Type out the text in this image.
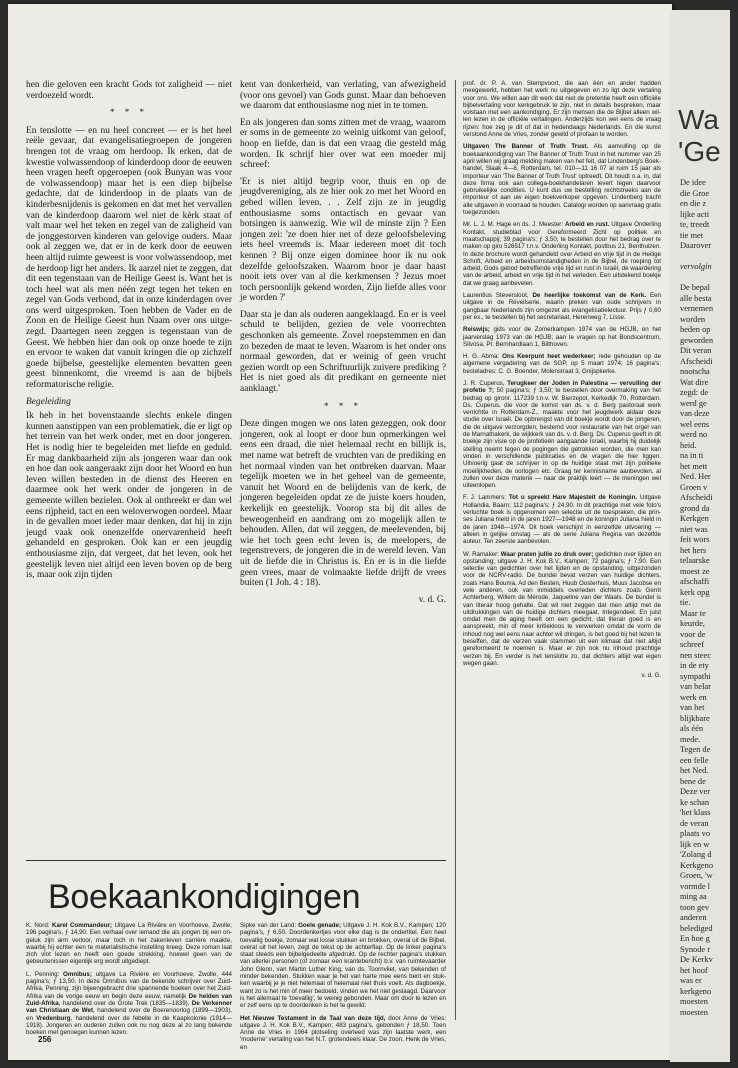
hen die geloven een kracht Gods tot zaligheid — niet verdoezeld wordt.

* * *

En tenslotte — en nu heel concreet — er is het heel reële gevaar, dat evangelisatiegroepen de jongeren brengen tot de vraag om herdoop. Ik erken, dat de kwestie volwassendoop of kinderdoop door de eeuwen heen vragen heeft opgeroepen (ook Bunyan was voor de volwassendoop) maar het is een diep bijbelse gedachte, dat de kinderdoop in de plaats van de kinderbesnijdenis is gekomen en dat met het vervallen van de kinderdoop daarom wel niet de kèrk staat of valt maar wel het teken en zegel van de zaligheid van de jonggestorven kinderen van gelovige ouders. Maar ook al zeggen we, dat er in de kerk door de eeuwen heen altijd ruimte geweest is voor volwassendoop, met de herdoop ligt het anders. Ik aarzel niet te zeggen, dat dit een tegenstaan van de Heilige Geest is. Want het is toch heel wat als men néén zegt tegen het teken en zegel van Gods verbond, dat in onze kinderdagen over ons werd uitgesproken. Toen hebben de Vader en de Zoon en de Heilige Geest hun Naam over ons uitgezegd. Daartegen neen zeggen is tegenstaan van de Geest. We hebben hier dan ook op onze hoede te zijn en ervoor te waken dat vanuit kringen die op zichzelf goede bijbelse, geestelijke elementen bevatten geen geest binnenkomt, die vreemd is aan de bijbels reformatorische religie.

Begeleiding

Ik heb in het bovenstaande slechts enkele dingen kunnen aanstippen van een problematiek, die er ligt op het terrein van het werk onder, met en door jongeren. Het is nodig hier te begeleiden met liefde en geduld. Er mag dankbaarheid zijn als jongeren waar dan ook en hoe dan ook aangeraakt zijn door het Woord en hun leven willen besteden in de dienst des Heeren en daarmee ook het werk onder de jongeren in de gemeente willen bezielen. Ook al onthreekt er dan wel eens rijpheid, tact en een weloverwogen oordeel. Maar in de gevallen moet ieder maar denken, dat hij in zijn jeugd vaak ook onenzelfde onervarenheid heeft gehandeld en gesproken. Ook kan er een jeugdig enthousiasme zijn, dat vergeet, dat het leven, ook het geestelijk leven niet altijd een leven boven op de berg is, maar ook zijn tijden

kent van donkerheid, van verlating, van afwezigheid (voor ons gevoel) van Gods gunst. Maar dan behoeven we daarom dat enthousiasme nog niet in te tomen.

En als jongeren dan soms zitten met de vraag, waarom er soms in de gemeente zo weinig uitkomt van geloof, hoop en liefde, dan is dat een vraag die gesteld mág worden. Ik schrijf hier over wat een moeder mij schreef:

'Er is niet altijd begrip voor, thuis en op de jeugdvereniging, als ze hier ook zo met het Woord en gebed willen leven. . . Zelf zijn ze in jeugdig enthousiasme soms ontactisch en gevaar van botsingen is aanwezig. Wie wil de minste zijn ? Een jongen zei: 'ze doen hier net of deze geloofsbeleving iets heel vreemds is. Maar iedereen moet dit toch kennen ? Bij onze eigen dominee hoor ik nu ook dezelfde geloofszaken. Waarom hoor je daar haast nooit iets over van al die kerkmensen ? Jezus moet toch persoonlijk gekend worden, Zijn liefde alles voor je worden ?'

Daar sta je dan als ouderen aangeklaagd. En er is veel schuld te belijden, gezien de vele voorrechten geschonken als gemeente. Zovel roepstemmen en dan zo bezeden de maat te leven. Waarom is het onder ons normaal geworden, dat er weinig of geen vrucht gezien wordt op een Schriftuurlijk zuivere prediking ? Het is niet goed als dit predikant en gemeente niet aanklaagt.'

* * *

Deze dingen mogen we ons laten gezeggen, ook door jongeren, ook al loopt er door hun opmerkingen wel eens een draad, die niet helemaal recht en billijk is, met name wat betreft de vruchten van de prediking en het normaal vinden van het ontbreken daarvan. Maar tegelijk moeten we in het geheel van de gemeente, vanuit het Woord en de belijdenis van de kerk, de jongeren begeleiden opdat ze de juiste koers houden, kerkelijk en geestelijk. Voorop sta bij dit alles de beweogenheid en aandrang om zo mogelijk allen te behouden. Allen, dat wil zeggen, de meelevenden, bij wie het toch geen echt leven is, de meelopers, de tegenstrevers, de jongeren die in de wereld leven. Van uit de liefde die in Christus is. En er is in die liefde geen vrees, maar de volmaakte liefde drijft de vrees buiten (1 Joh. 4 : 18).

v. d. G.

prof. dr. P. A. van Stempvoort, die aan één en ander hadden meegewerkt, hebben het werk nu uitgegeven en zo ligt deze vertaling voor ons. We willen aan dit werk dat niet de pretentie heeft een officiële bijbelvertaling voor kerkgebruik te zijn, niet in details bespreken, maar volstaan met een aankondiging. Er zijn mensen die de Bijbel alleen willen lezen in de officiële vertalingen. Anderzijds kon wel eens de vraag rijzen: hoe zeg je dit of dat in hedendaags Nederlands. En die kunst verstond Anne de Vries, zonder gewild of profaan te worden.

Uitgaven The Banner of Truth Trust. Als aanvulling op de boekaankondiging van The Banner of Truth Trust in het nummer van 25 april willen wij graag melding maken van het feit, dat Lindenberg's Boekhandel, Slaak 4—8, Rotterdam, tel. 010—11 16 07 al ruim 15 jaar als importeur van 'The Banner of Truth Trust' optreedt. Dit houdt o.a. in, dat deze firma ook aan collega-boekhandelaren levert tegen daarvoor gebruikelijke condities. U kunt dus uw bestelling rechtstreeks aan de importeur of aan uw eigen boekverkoper opgeven. Lindenberg tracht alle uitgaven in voorraad te houden. Catalogi worden op aanvraag gratis toegezonden.

Mr. L. J. M. Hage en ds. J. Meester: Arbeid en rust. Uitgave Onderling Kontakt, studieblad voor Gereformeerd Zicht op politiek en maatschappij; 39 pagina's; ƒ 3,50; te bestellen door het bedrag over te maken op giro 526517 t.n.v. Onderling Kontakt, postbus 21, Benthuizen. In deze brochure wordt gehandeld over Arbeid en vrije tijd in de Heilige Schrift, Arbeid en arbeidsomstandigheden in de Bijbel, de roeping tot arbeid, Gods gebod betreffende vrije tijd en rust in Israël, de waardering van de arbeid, arbeid en vrije tijd in het verleden. Een uitstekend boekje dat we graag aanbevelen.

Laurentius Steversloot, De heerlijke toekomst van de Kerk. Een uitgave in de Réveilserie, waarin preken van oude schrijvers in gangbaar Nederlands zijn omgezet als evangelisatielectuur. Prijs ƒ 0,60 per ex., te bestellen bij het secretariaat, Herenweg 7, Lisse.

Reiswijs; gids voor de Zomerkampen 1974 van de HGJB, en het jaarverslag 1973 van de HGJB; aan te vragen op het Bondscentrum, Silvosa, Pr. Bernhardlaan 1, Bilthoven.

H. G. Abma: Ons Keerpunt heet wederkeer; rede gehouden op de algemene vergadering van de SGP, op 5 maart 1974; 16 pagina's; besteladres: C. G. Boender, Molenstraat 3, Gnijspkerke.

J. R. Cuperus, Terugkeer der Joden in Palestina — vervulling der profetie ?; 50 pagina's; ƒ 3,50; te bestellen door overmaking van het bedrag op gironr. 117239 t.n.v. W. Bierzepol, Kerkedijk 70, Rotterdam. Ds. Cuperus, die voor de komst van ds. v. d. Berg pastoraal werk verrichtte in Rotterdam-Z., maakte voor het jeugdwerk aldaar deze studie over Israël. De opbrengst van dit boekje wordt door de jongeren, die de uitgave verzorgden, bestemd voor restauratie van het orgel van de Marnathakerk, de wijkkerk van ds. v. d. Berg. Ds. Cuperus geeft in dit boekje zijn visie op de profetieën aangaande Israël, waarbij hij duidelijk stelling neemt tegen de pogingen die getrokken worden, die men kan vinden in verschillende publicaties en de vragen die hier liggen. Uitvoerig gaat de schrijver in op de huidige staat met zijn politieke moeilijkheden, de oorlogen etc. Graag ter kennisname aanbevolen, al zullen over deze materie — naar de praktijk leert — de meningen wel uiteenlopen.

F. J. Lammers: Tot u spreekt Hare Majesteit de Koningin. Uitgave Hollandia, Baarn; 112 pagina's; ƒ 24,90. In dit prachtige met vele foto's verluchte boek is opgenomen een selectie uit de toespraken, die prinses Juliana hield in de jaren 1927—1948 en de koningin Juliana hield in de jaren 1948—1974. Dit boek verschijnt in eenzelfde uitvoering — alleen in gelijke omslag — als de serie Juliana Regina van dezelfde auteur. Ten zeerste aanbevolen.

W. Ramaker: Waar praten jullie zo druk over; gedichten over lijden en opstanding; uitgave J. H. Kok B.V., Kampen; 72 pagina's; ƒ 7,90. Een selectie van gedichten over het lijden en de opstanding, uitgezonden voor de NCRV-radio. De bundel bevat verzen van huidige dichters, zoals Hans Bouma, Ad den Besten, Huub Oosterhuis, Muus Jacobse en vele anderen, ook van inmiddels overleden dichters zoals Gerrit Achterberg, Willem de Mérode, Jaqueline van der Waals. De bundel is van literair hoog gehalte. Dat wil niet zeggen dat men altijd met de uitdrukkingen van de huidige dichters meegaat. Integendeel. En juist omdat men de aging heeft om een gedicht, dat literair goed is en aanspreekt, min of meer kritiekloos te verwerken omdat de vorm de inhoud nog wel eens naar achter wil dringen, is het goed bij het lezen te beseffen, dat de verzen vaak stammen uit een klimaat dat niet altijd gereformeerd te noemen is. Maar er zijn ook nu inhoud prachtige verzen bij. En verder is het tenslotte zo, dat dichters altijd wat eigen wegen gaan.

v. d. G.
Boekaankondigingen

K. Nord: Karel Commandeur; Uitgave La Rivière en Voorhoeve, Zwolle; 196 pagina's, ƒ 14,90. Een verhaal over iemand die als jongen bij een ongeluk zijn arm verloor, maar toch in het zakenleven carrière maakte, waarbij hij echter een te materialistische instelling kreeg. Deze roman laat zich vlot lezen en heeft een goede strekking, hoewel geen van de gebeurtenissen eigenlijk erg wordt uitgediept.

L. Penning: Omnibus; uitgave La Rivière en Voorhoeve, Zwolle; 444 pagina's; ƒ 13,50. In deze Omnibus van de bekende schrijver over Zuid-Afrika, Penning, zijn bijeengebracht drie spannende boeken over het Zuid-Afrika van de vorige eeuw en begin deze eeuw, namelijk De helden van Zuid-Afrika, handelend over de Grote Trek (1835—1839), De Verkenner van Christiaan de Wet, handelend over de Boerenoorlog (1899—1903), en Vredenburg, handelend over de febelle in de Kaapkolonie (1914—1918). Jongeren en ouderen zullen ook nu nog deze al zo lang bekende boeken met genoegen kunnen lezen.

Sipke van der Land: Goele genade; Uitgave J. H. Kok B.V., Kampen; 120 pagina's, ƒ 6,50. Doordenkertjes voor elke dag is de ondertitel. Een heel toevallig boekje, zomaar wat losse stukken en brokken, overal uit de Bijbel, overal uit het leven, zegt de tekst op de achterflap. Op de linker pagina's staat steeds een bijbelgedeelte afgedrukt. Op de rechter pagina's stukken van allerlei personen (of zomaar een krantebericht) b.v. van ruimtevaarder John Glenn, van Martin Luther King, van ds. Toornvliet, van bekenden of minder bekenden. Stukken waar je het van harte mee eens bent en stukken waarbij je je niet helemaal of helemaal niet thuis voelt. Als dagboekje, want zo is het min of meer bedoeld, vinden we het niet geslaagd. Daarvoor is het allemaal te 'toevallig', te weinig gebonden. Maar om door te lezen en er zelf eens op te doordenken is het te gewild.

Het Nieuwe Testament in de Taal van deze tijd, door Anne de Vries; uitgave J. H. Kok B.V., Kampen; 483 pagina's, gebonden ƒ 18,50. Toen Anne de Vries in 1964 plotseling overleed was zijn laatste werk, een 'moderne' vertaling van het N.T. grotendeels klaar. De zoon, Henk de Vries, en

256
Wa
'Ge
De idee
die Groe
en die z
lijke acti
te, treedt
tie met
Daarover

vervolgin

De bepal
alle besta
vernemen
worden
heden op
geworden
Dit veran
Afscheidi
nootscha
Wat dire
zegd: de
werd ge
van deze
wel eens
werd no
heid.
na in ti
het mett
Ned. Her
Groen v
Afscheidi
grond da
Kerkgen
niet was
feit wors
het hers
telaarske
moest ze
afschaffi
kerk opg
tie.
Maar te
keurde,
voor de
schreef
nen steec
in de ety
sympathi
van belar
werk en
van het
blijkbare
als één
mede.
Tegen de
een felle
het Ned.
bene de
Deze ver
ke schan
'het klass
de veran
plaats vo
lijk en w
'Zolang d
Kerkgeno
Groen, 'w
vormde l
ming aa
toon gev
anderen
belediged
En hoe g
Synode r
De Kerkv
het hoof
was er
kerkgeno
moesten
moesten
